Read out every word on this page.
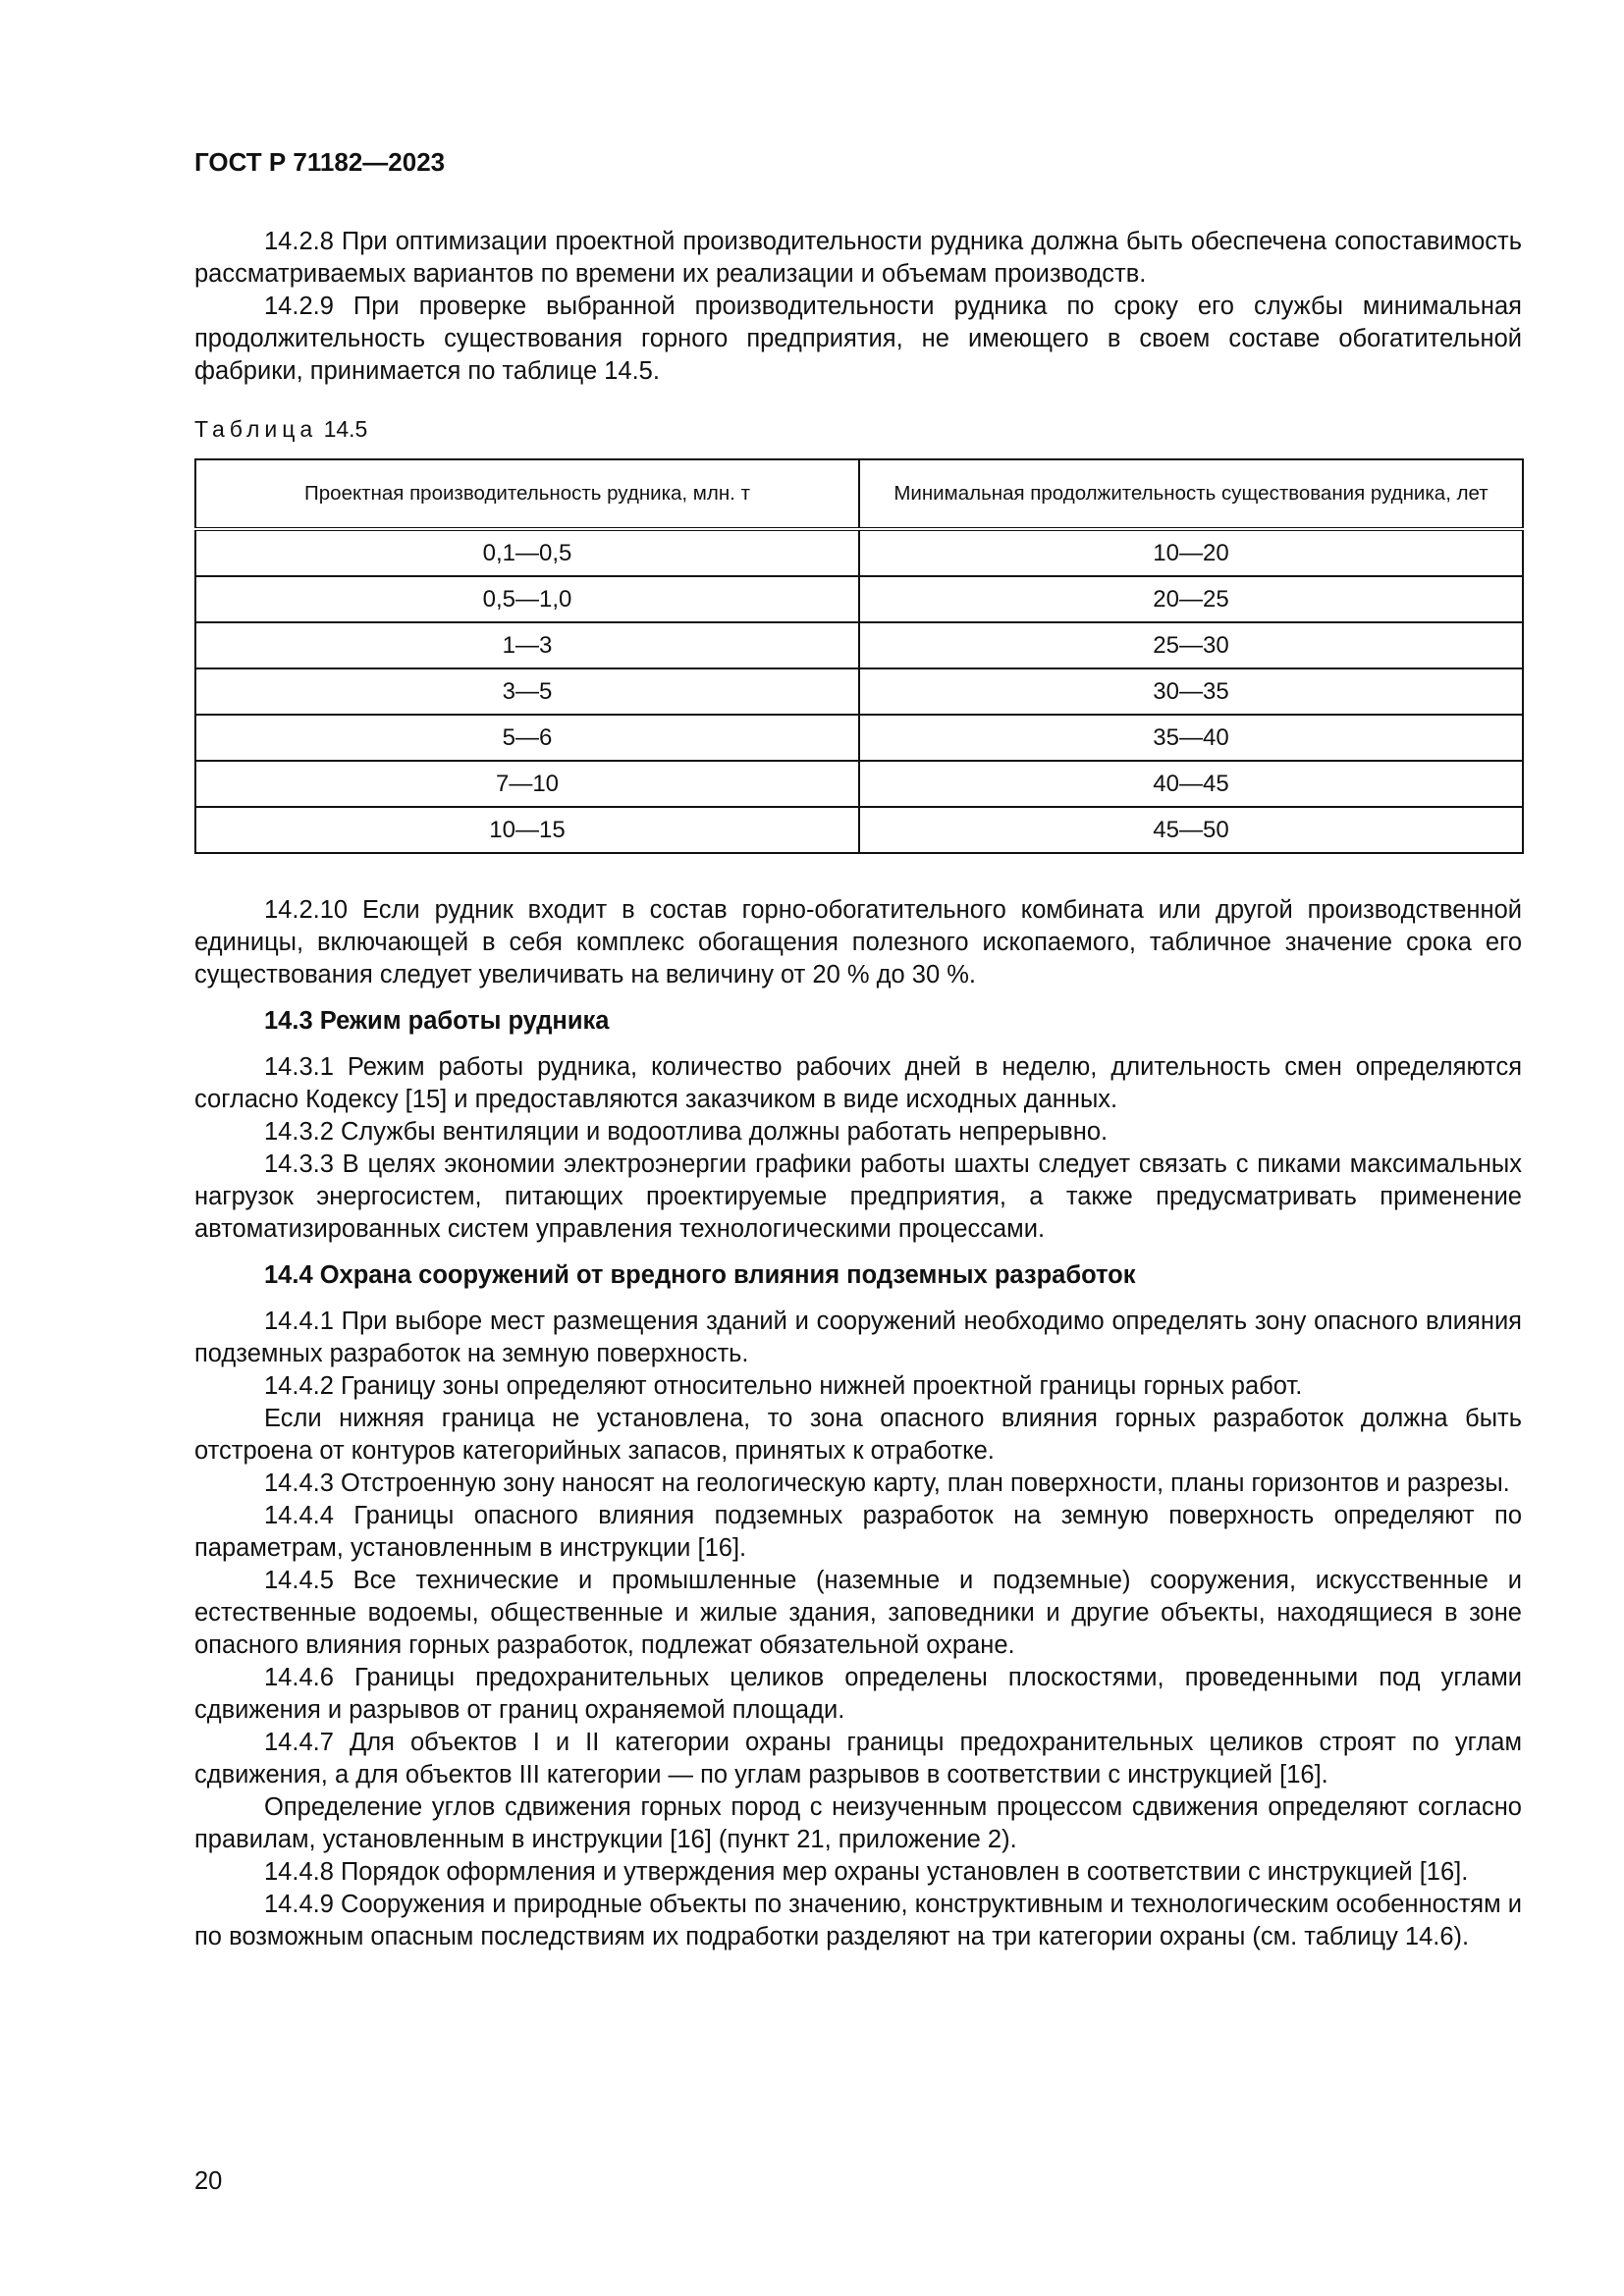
ГОСТ Р 71182—2023

14.2.8 При оптимизации проектной производительности рудника должна быть обеспечена сопоставимость рассматриваемых вариантов по времени их реализации и объемам производств.

14.2.9 При проверке выбранной производительности рудника по сроку его службы минимальная продолжительность существования горного предприятия, не имеющего в своем составе обогатительной фабрики, принимается по таблице 14.5.

Таблица 14.5
Проектная производительность рудника, млн. т	Минимальная продолжительность существования рудника, лет
0,1—0,5	10—20
0,5—1,0	20—25
1—3	25—30
3—5	30—35
5—6	35—40
7—10	40—45
10—15	45—50

14.2.10 Если рудник входит в состав горно-обогатительного комбината или другой производственной единицы, включающей в себя комплекс обогащения полезного ископаемого, табличное значение срока его существования следует увеличивать на величину от 20 % до 30 %.

14.3 Режим работы рудника

14.3.1 Режим работы рудника, количество рабочих дней в неделю, длительность смен определяются согласно Кодексу [15] и предоставляются заказчиком в виде исходных данных.

14.3.2 Службы вентиляции и водоотлива должны работать непрерывно.

14.3.3 В целях экономии электроэнергии графики работы шахты следует связать с пиками максимальных нагрузок энергосистем, питающих проектируемые предприятия, а также предусматривать применение автоматизированных систем управления технологическими процессами.

14.4 Охрана сооружений от вредного влияния подземных разработок

14.4.1 При выборе мест размещения зданий и сооружений необходимо определять зону опасного влияния подземных разработок на земную поверхность.

14.4.2 Границу зоны определяют относительно нижней проектной границы горных работ.

Если нижняя граница не установлена, то зона опасного влияния горных разработок должна быть отстроена от контуров категорийных запасов, принятых к отработке.

14.4.3 Отстроенную зону наносят на геологическую карту, план поверхности, планы горизонтов и разрезы.

14.4.4 Границы опасного влияния подземных разработок на земную поверхность определяют по параметрам, установленным в инструкции [16].

14.4.5 Все технические и промышленные (наземные и подземные) сооружения, искусственные и естественные водоемы, общественные и жилые здания, заповедники и другие объекты, находящиеся в зоне опасного влияния горных разработок, подлежат обязательной охране.

14.4.6 Границы предохранительных целиков определены плоскостями, проведенными под углами сдвижения и разрывов от границ охраняемой площади.

14.4.7 Для объектов I и II категории охраны границы предохранительных целиков строят по углам сдвижения, а для объектов III категории — по углам разрывов в соответствии с инструкцией [16].

Определение углов сдвижения горных пород с неизученным процессом сдвижения определяют согласно правилам, установленным в инструкции [16] (пункт 21, приложение 2).

14.4.8 Порядок оформления и утверждения мер охраны установлен в соответствии с инструкцией [16].

14.4.9 Сооружения и природные объекты по значению, конструктивным и технологическим особенностям и по возможным опасным последствиям их подработки разделяют на три категории охраны (см. таблицу 14.6).

20
